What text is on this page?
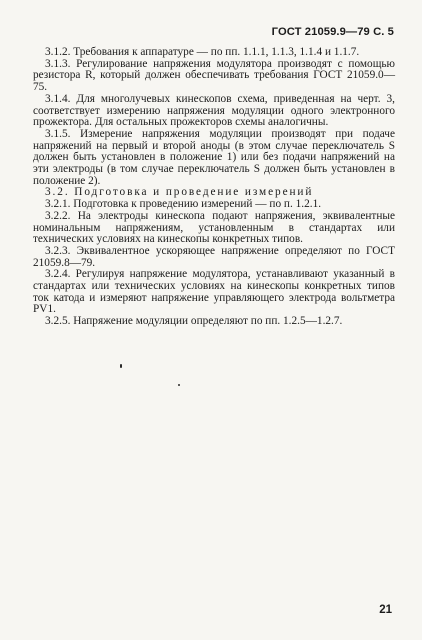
ГОСТ 21059.9—79 С. 5

3.1.2. Требования к аппаратуре — по пп. 1.1.1, 1.1.3, 1.1.4 и 1.1.7.

3.1.3. Регулирование напряжения модулятора производят с помощью резистора R, который должен обеспечивать требования ГОСТ 21059.0—75.

3.1.4. Для многолучевых кинескопов схема, приведенная на черт. 3, соответствует измерению напряжения модуляции одного электронного прожектора. Для остальных прожекторов схемы аналогичны.

3.1.5. Измерение напряжения модуляции производят при подаче напряжений на первый и второй аноды (в этом случае переключатель S должен быть установлен в положение 1) или без подачи напряжений на эти электроды (в том случае переключатель S должен быть установлен в положение 2).

3.2. Подготовка и проведение измерений

3.2.1. Подготовка к проведению измерений — по п. 1.2.1.

3.2.2. На электроды кинескопа подают напряжения, эквивалентные номинальным напряжениям, установленным в стандартах или технических условиях на кинескопы конкретных типов.

3.2.3. Эквивалентное ускоряющее напряжение определяют по ГОСТ 21059.8—79.

3.2.4. Регулируя напряжение модулятора, устанавливают указанный в стандартах или технических условиях на кинескопы конкретных типов ток катода и измеряют напряжение управляющего электрода вольтметра PV1.

3.2.5. Напряжение модуляции определяют по пп. 1.2.5—1.2.7.

21
